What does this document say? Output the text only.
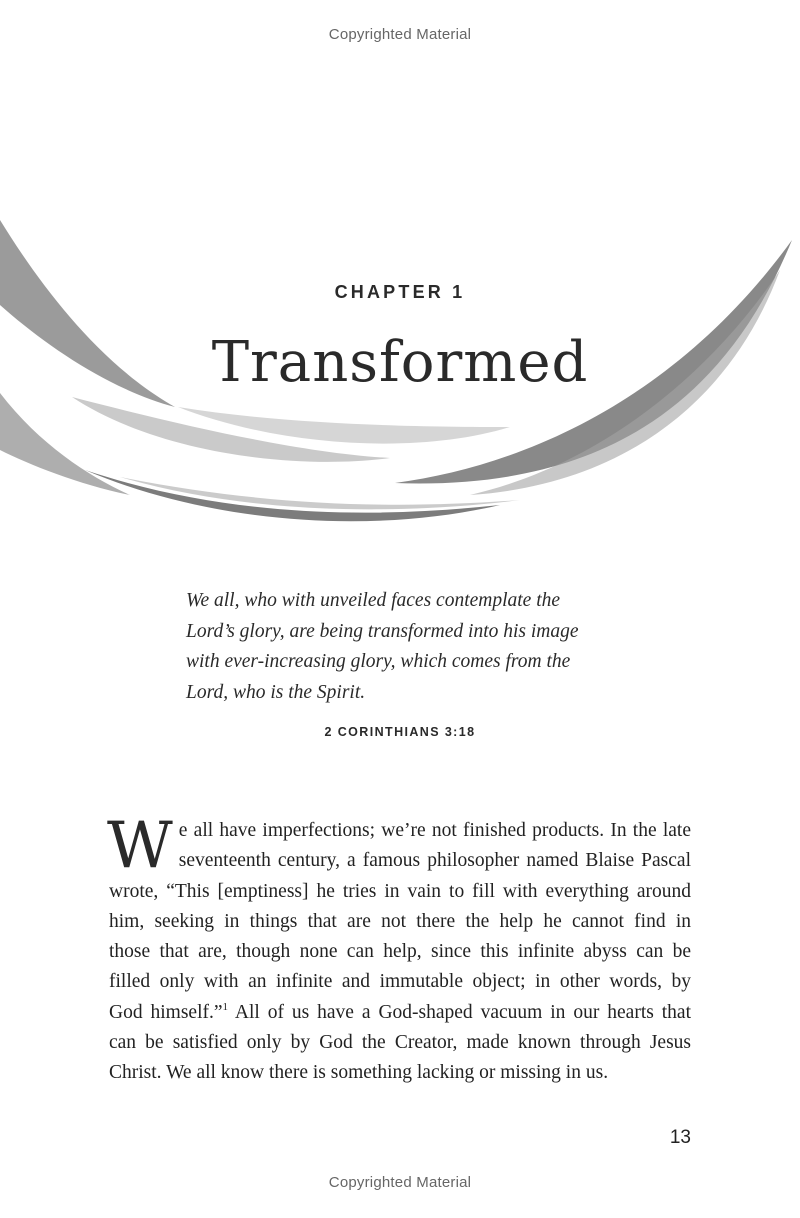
Copyrighted Material
CHAPTER 1
Transformed
We all, who with unveiled faces contemplate the
Lord’s glory, are being transformed into his image
with ever-increasing glory, which comes from the
Lord, who is the Spirit.
2 CORINTHIANS 3:18
W e all have imperfections; we’re not finished products. In the late
seventeenth century, a famous philosopher named Blaise Pascal
wrote, “This [emptiness] he tries in vain to fill with everything around
him, seeking in things that are not there the help he cannot find in
those that are, though none can help, since this infinite abyss can be
filled only with an infinite and immutable object; in other words, by
God himself.”$^1$ All of us have a God-shaped vacuum in our hearts that
can be satisfied only by God the Creator, made known through Jesus
Christ. We all know there is something lacking or missing in us.
13
Copyrighted Material
